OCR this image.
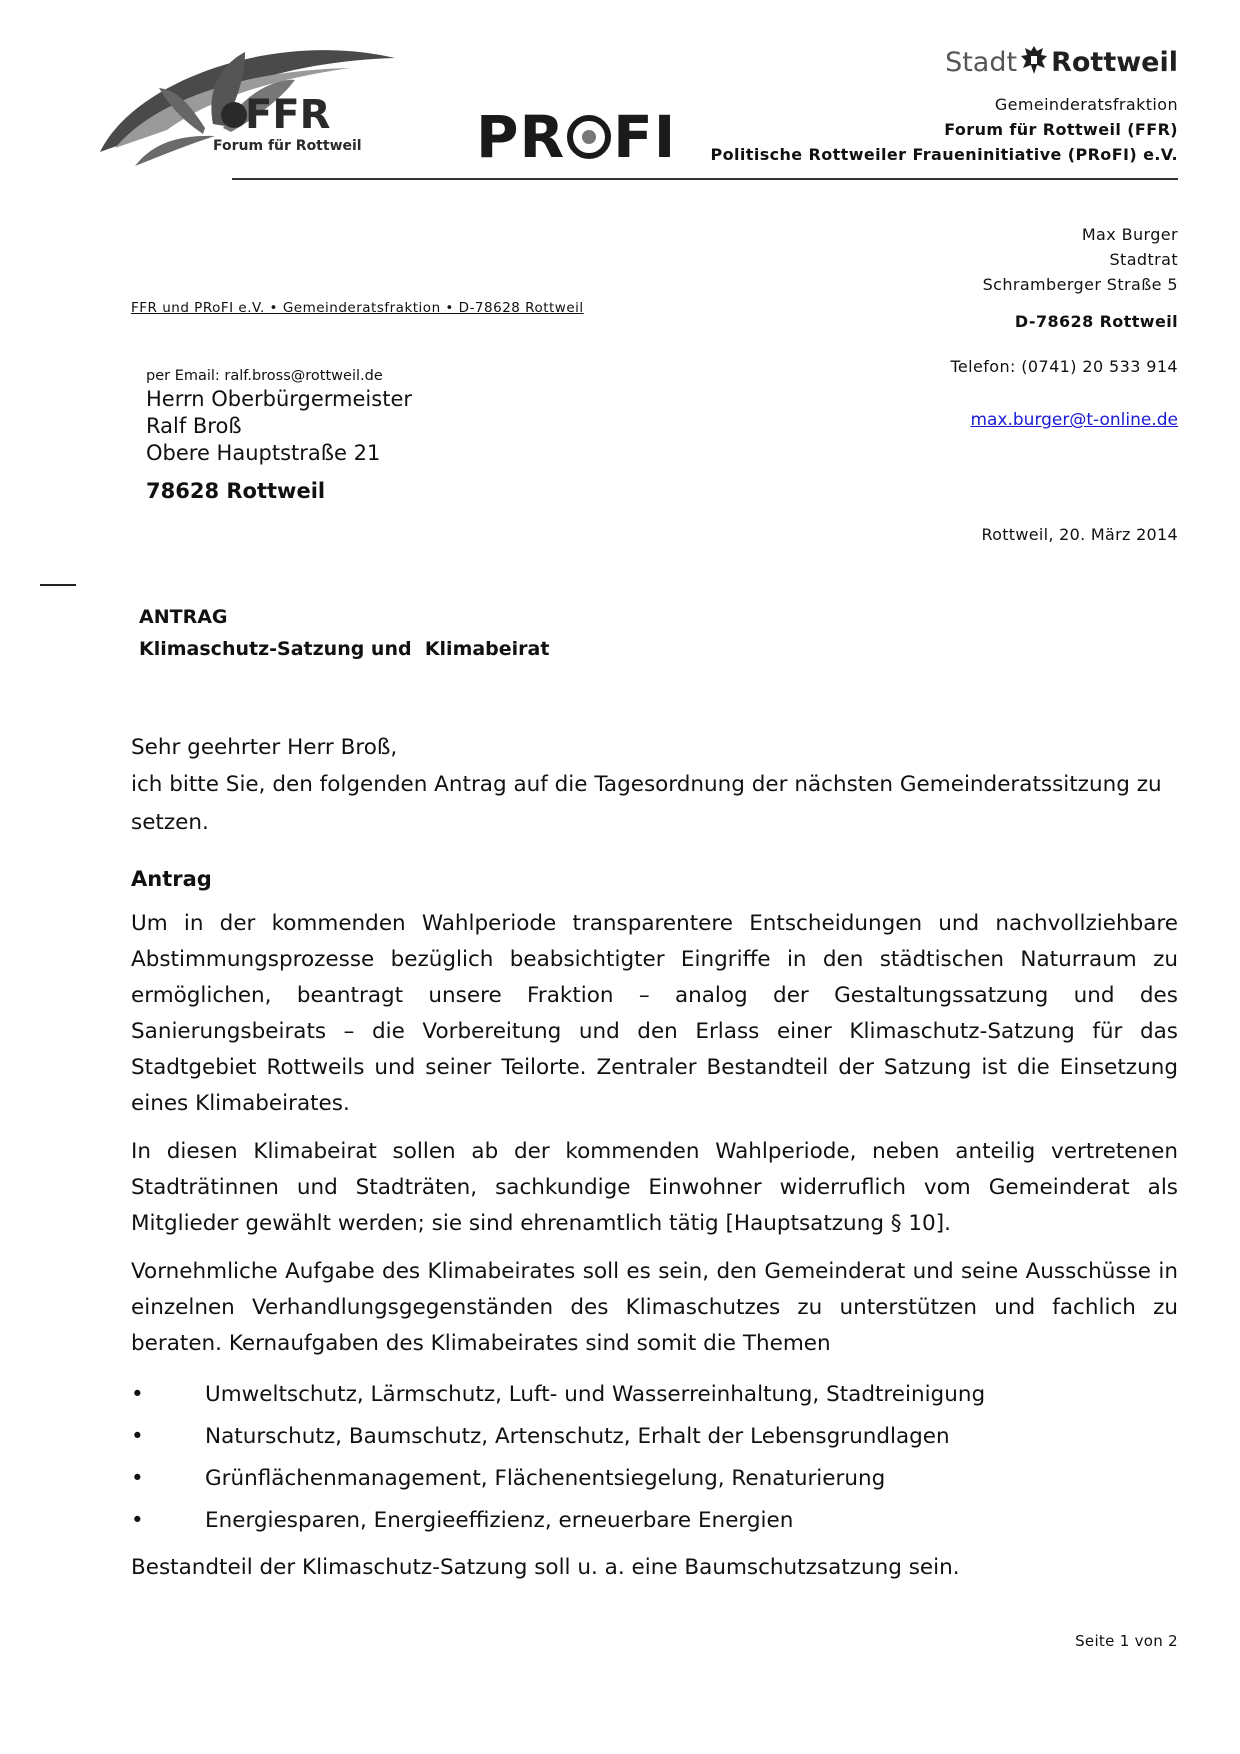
FFR
Forum für Rottweil PR FI
Stadt Rottweil
Gemeinderatsfraktion
Forum für Rottweil (FFR)
Politische Rottweiler Fraueninitiative (PRoFI) e.V.
Max Burger
Stadtrat
Schramberger Straße 5
D-78628 Rottweil
Telefon: (0741) 20 533 914
max.burger@t-online.de
FFR und PRoFI e.V. • Gemeinderatsfraktion • D-78628 Rottweil
per Email: ralf.bross@rottweil.de
Herrn Oberbürgermeister
Ralf Broß
Obere Hauptstraße 21
78628 Rottweil
Rottweil, 20. März 2014
ANTRAG
Klimaschutz-Satzung und  Klimabeirat

Sehr geehrter Herr Broß,

ich bitte Sie, den folgenden Antrag auf die Tagesordnung der nächsten Gemeinderatssitzung zu setzen.

Antrag

Um in der kommenden Wahlperiode transparentere Entscheidungen und nachvollziehbare Abstimmungsprozesse bezüglich beabsichtigter Eingriffe in den städtischen Naturraum zu ermöglichen, beantragt unsere Fraktion – analog der Gestaltungssatzung und des Sanierungsbeirats – die Vorbereitung und den Erlass einer Klimaschutz-Satzung für das Stadtgebiet Rottweils und seiner Teilorte. Zentraler Bestandteil der Satzung ist die Einsetzung eines Klimabeirates.

In diesen Klimabeirat sollen ab der kommenden Wahlperiode, neben anteilig vertretenen Stadträtinnen und Stadträten, sachkundige Einwohner widerruflich vom Gemeinderat als Mitglieder gewählt werden; sie sind ehrenamtlich tätig [Hauptsatzung § 10].

Vornehmliche Aufgabe des Klimabeirates soll es sein, den Gemeinderat und seine Ausschüsse in einzelnen Verhandlungsgegenständen des Klimaschutzes zu unterstützen und fachlich zu beraten. Kernaufgaben des Klimabeirates sind somit die Themen

•	Umweltschutz, Lärmschutz, Luft- und Wasserreinhaltung, Stadtreinigung
•	Naturschutz, Baumschutz, Artenschutz, Erhalt der Lebensgrundlagen
•	Grünflächenmanagement, Flächenentsiegelung, Renaturierung
•	Energiesparen, Energieeffizienz, erneuerbare Energien

Bestandteil der Klimaschutz-Satzung soll u. a. eine Baumschutzsatzung sein.

Seite 1 von 2
